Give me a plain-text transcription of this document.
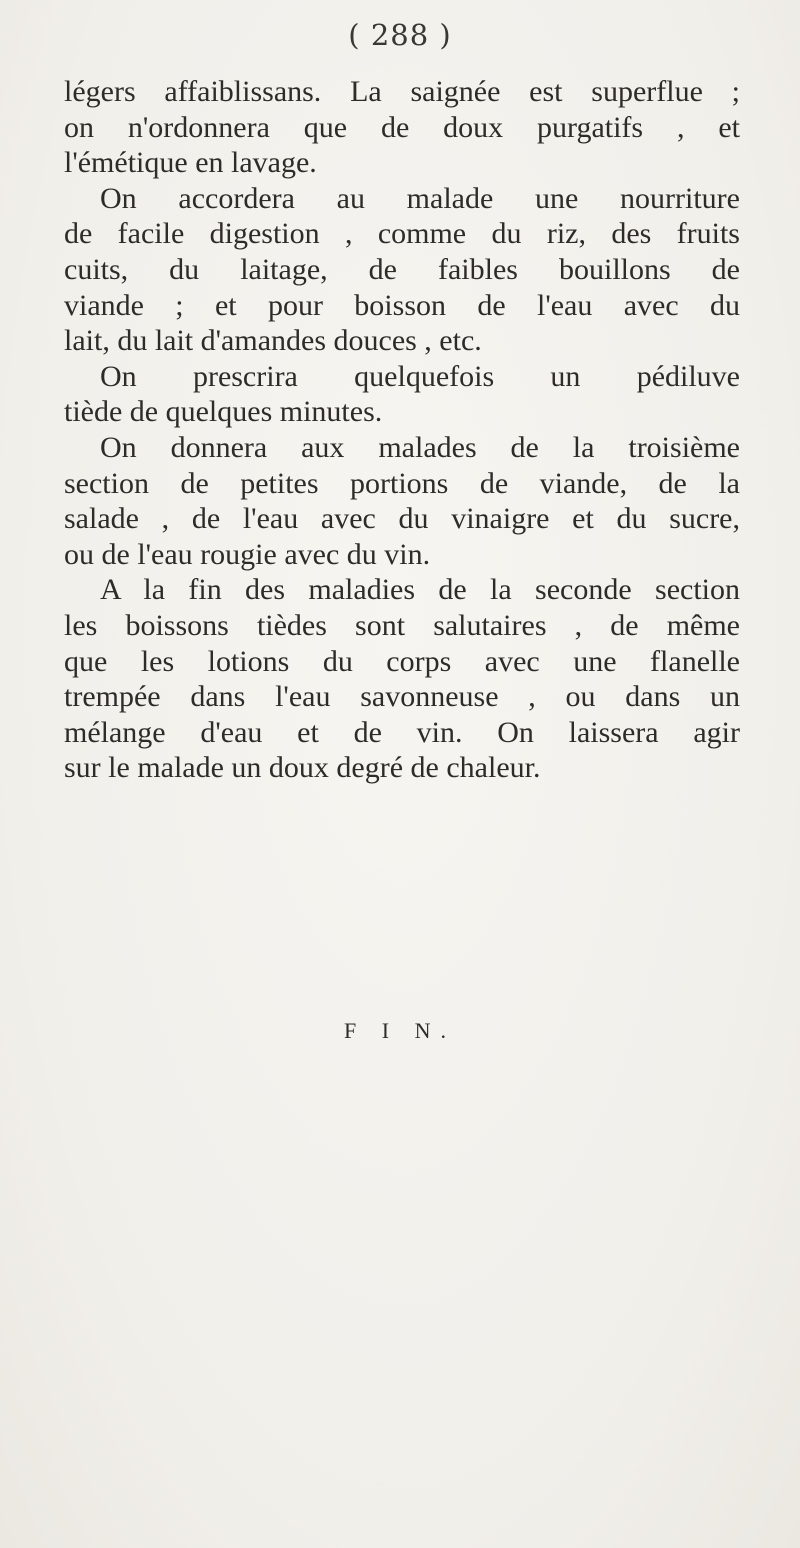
( 288 )
légers affaiblissans. La saignée est superflue ;
on n'ordonnera que de doux purgatifs , et
l'émétique en lavage.
On accordera au malade une nourriture
de facile digestion , comme du riz, des fruits
cuits, du laitage, de faibles bouillons de
viande ; et pour boisson de l'eau avec du
lait, du lait d'amandes douces , etc.
On prescrira quelquefois un pédiluve
tiède de quelques minutes.
On donnera aux malades de la troisième
section de petites portions de viande, de la
salade , de l'eau avec du vinaigre et du sucre,
ou de l'eau rougie avec du vin.
A la fin des maladies de la seconde section
les boissons tièdes sont salutaires , de même
que les lotions du corps avec une flanelle
trempée dans l'eau savonneuse , ou dans un
mélange d'eau et de vin. On laissera agir
sur le malade un doux degré de chaleur.
F I N.
